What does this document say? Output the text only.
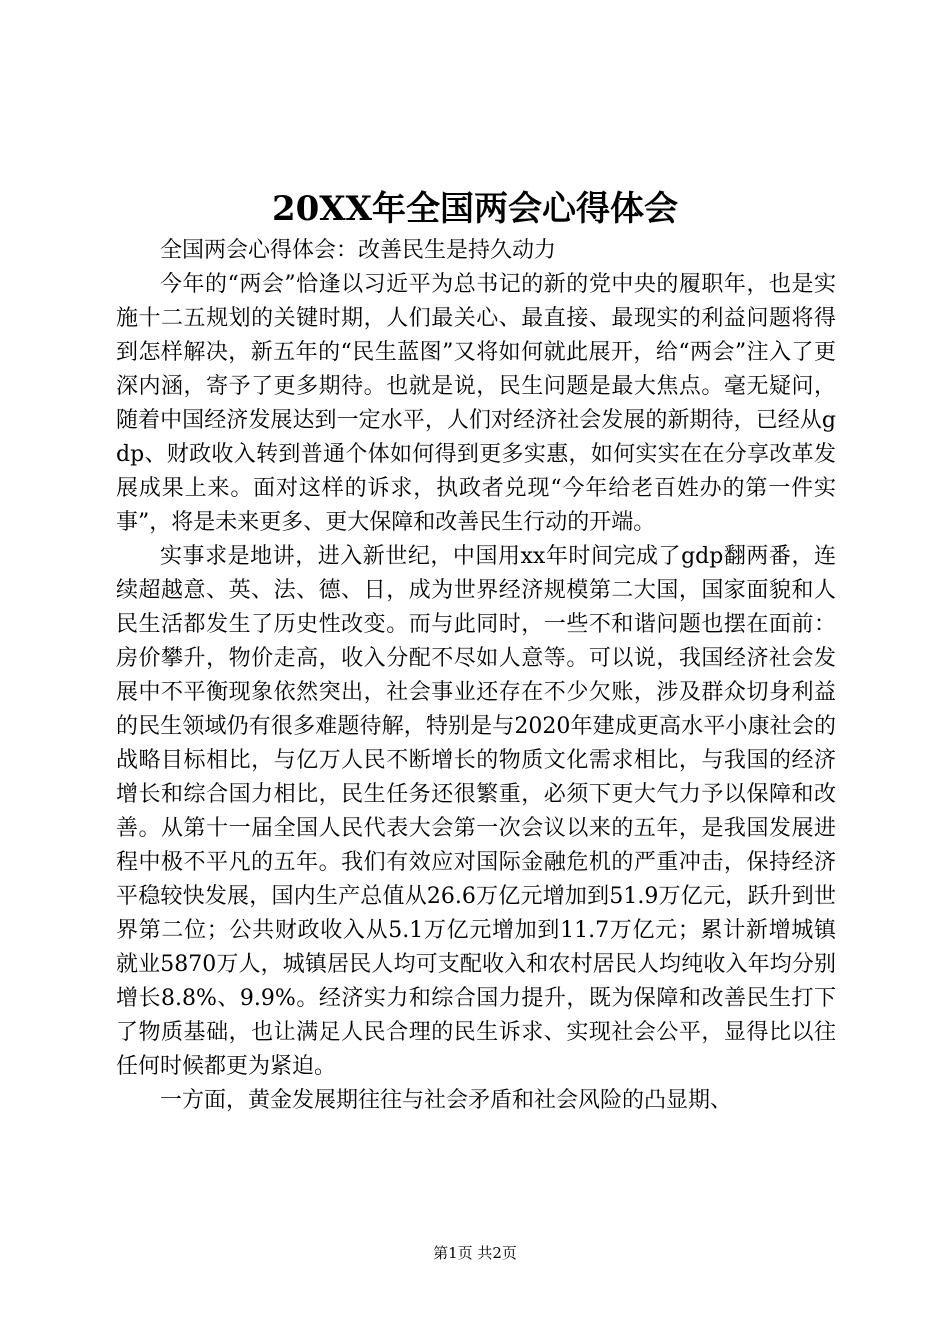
20XX年全国两会心得体会

全国两会心得体会：改善民生是持久动力

今年的“两会”恰逢以习近平为总书记的新的党中央的履职年，也是实施十二五规划的关键时期，人们最关心、最直接、最现实的利益问题将得到怎样解决，新五年的“民生蓝图”又将如何就此展开，给“两会”注入了更深内涵，寄予了更多期待。也就是说，民生问题是最大焦点。毫无疑问，随着中国经济发展达到一定水平，人们对经济社会发展的新期待，已经从gdp、财政收入转到普通个体如何得到更多实惠，如何实实在在分享改革发展成果上来。面对这样的诉求，执政者兑现“今年给老百姓办的第一件实事”，将是未来更多、更大保障和改善民生行动的开端。

实事求是地讲，进入新世纪，中国用xx年时间完成了gdp翻两番，连续超越意、英、法、德、日，成为世界经济规模第二大国，国家面貌和人民生活都发生了历史性改变。而与此同时，一些不和谐问题也摆在面前：房价攀升，物价走高，收入分配不尽如人意等。可以说，我国经济社会发展中不平衡现象依然突出，社会事业还存在不少欠账，涉及群众切身利益的民生领域仍有很多难题待解，特别是与2020年建成更高水平小康社会的战略目标相比，与亿万人民不断增长的物质文化需求相比，与我国的经济增长和综合国力相比，民生任务还很繁重，必须下更大气力予以保障和改善。从第十一届全国人民代表大会第一次会议以来的五年，是我国发展进程中极不平凡的五年。我们有效应对国际金融危机的严重冲击，保持经济平稳较快发展，国内生产总值从26.6万亿元增加到51.9万亿元，跃升到世界第二位；公共财政收入从5.1万亿元增加到11.7万亿元；累计新增城镇就业5870万人，城镇居民人均可支配收入和农村居民人均纯收入年均分别增长8.8%、9.9%。经济实力和综合国力提升，既为保障和改善民生打下了物质基础，也让满足人民合理的民生诉求、实现社会公平，显得比以往任何时候都更为紧迫。

一方面，黄金发展期往往与社会矛盾和社会风险的凸显期、

第1页 共2页
